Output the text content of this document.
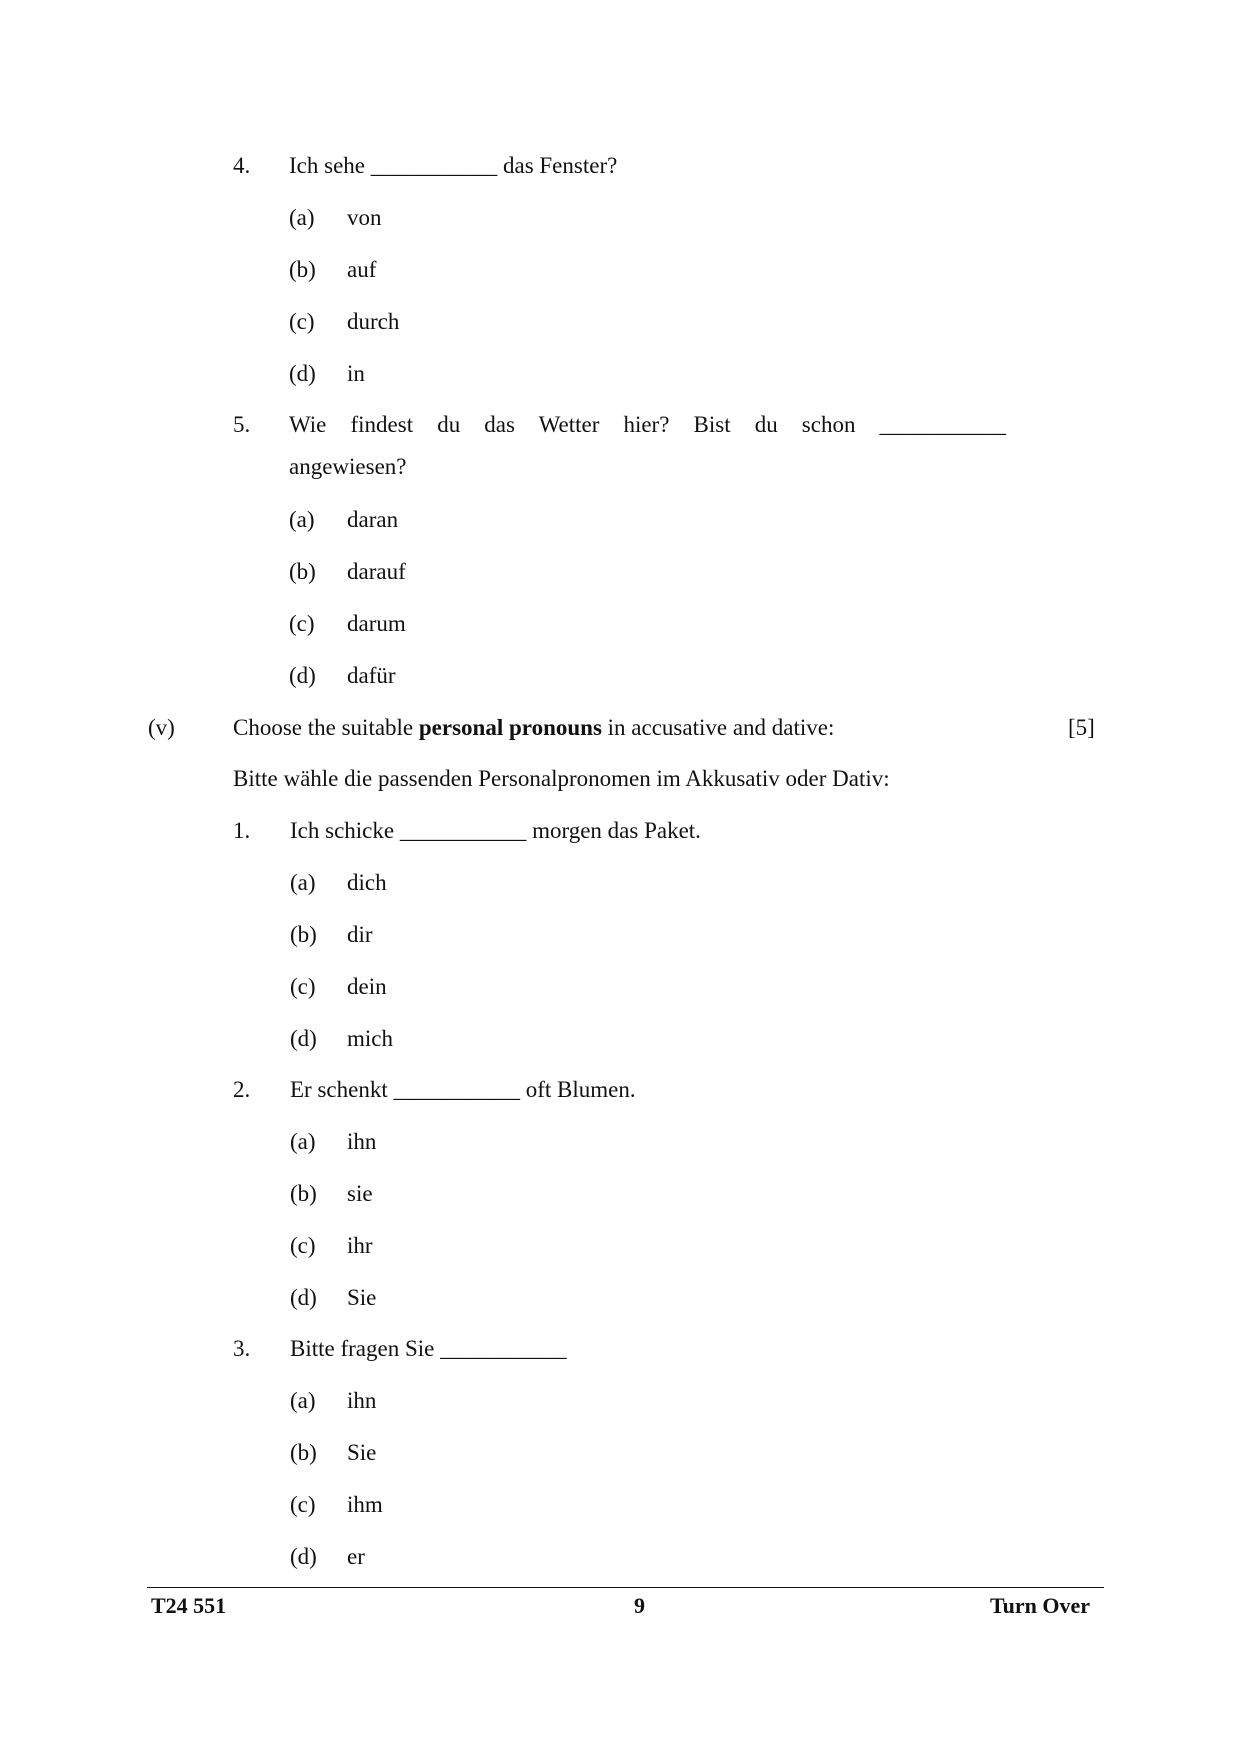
4. Ich sehe ___________ das Fenster?
(a) von
(b) auf
(c) durch
(d) in
5. Wie findest du das Wetter hier? Bist du schon ___________
angewiesen?
(a) daran
(b) darauf
(c) darum
(d) dafür
(v)	Choose the suitable personal pronouns in accusative and dative:	[5]
Bitte wähle die passenden Personalpronomen im Akkusativ oder Dativ:
1. Ich schicke ___________ morgen das Paket.
(a) dich
(b) dir
(c) dein
(d) mich
2. Er schenkt ___________ oft Blumen.
(a) ihn
(b) sie
(c) ihr
(d) Sie
3. Bitte fragen Sie ___________
(a) ihn
(b) Sie
(c) ihm
(d) er
T24 551	9	Turn Over
